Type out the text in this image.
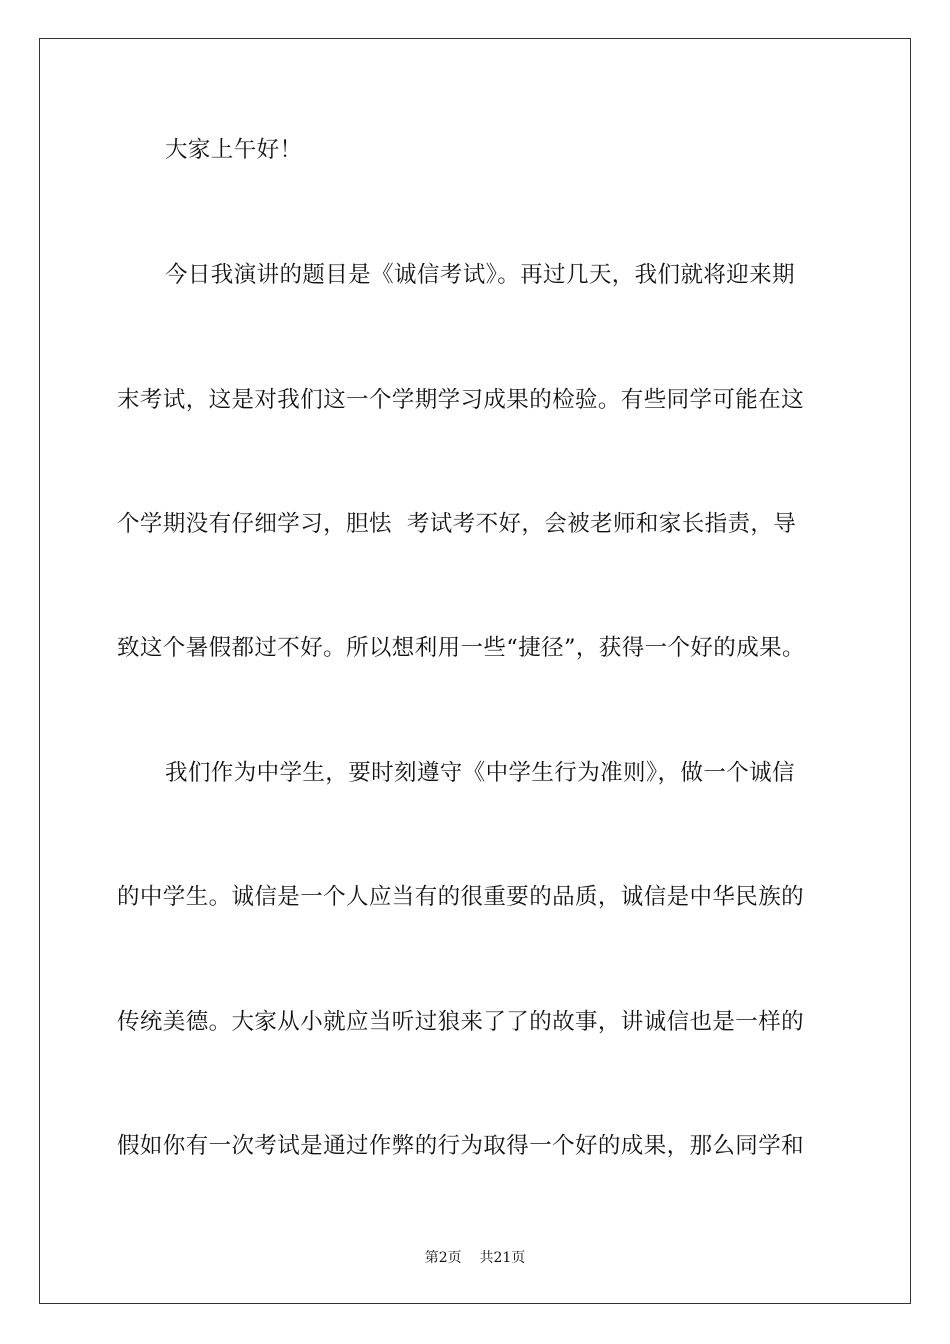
大家上午好！
今日我演讲的题目是《诚信考试》。再过几天，我们就将迎来期
末考试，这是对我们这一个学期学习成果的检验。有些同学可能在这
个学期没有仔细学习，胆怯  考试考不好，会被老师和家长指责，导
致这个暑假都过不好。所以想利用一些“捷径”，获得一个好的成果。
我们作为中学生，要时刻遵守《中学生行为准则》，做一个诚信
的中学生。诚信是一个人应当有的很重要的品质，诚信是中华民族的
传统美德。大家从小就应当听过狼来了了的故事，讲诚信也是一样的
假如你有一次考试是通过作弊的行为取得一个好的成果，那么同学和
第2页    共21页
